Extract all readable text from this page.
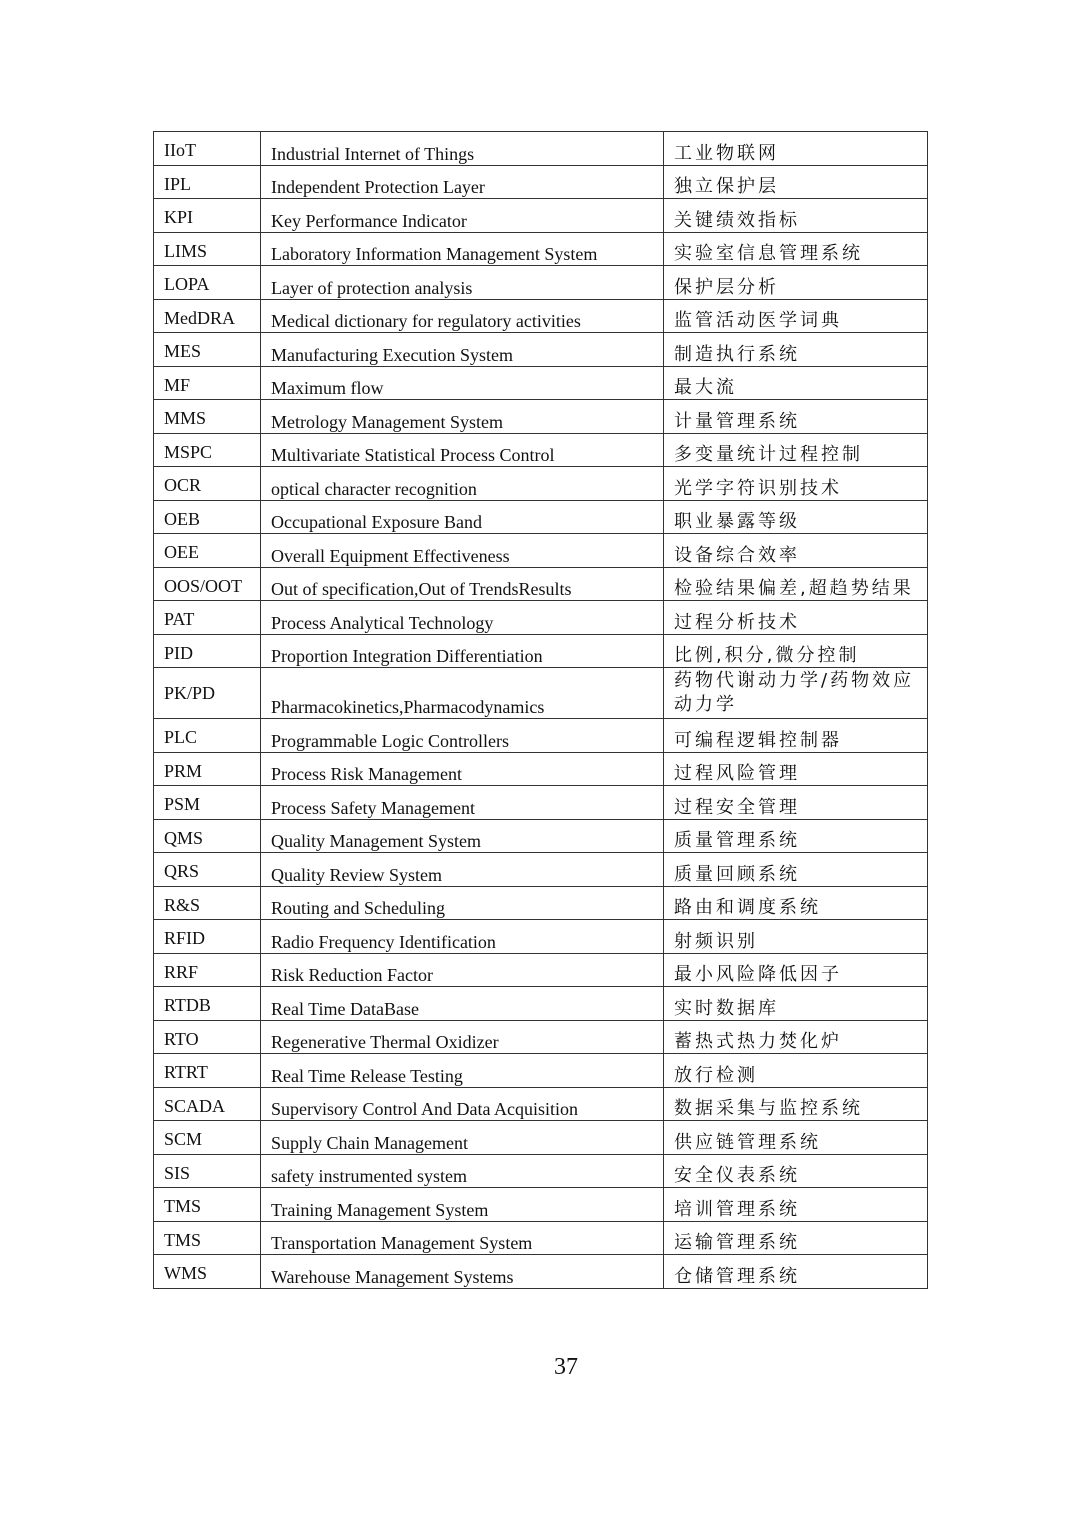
IIoT	Industrial Internet of Things	工业物联网
IPL	Independent Protection Layer	独立保护层
KPI	Key Performance Indicator	关键绩效指标
LIMS	Laboratory Information Management System	实验室信息管理系统
LOPA	Layer of protection analysis	保护层分析
MedDRA	Medical dictionary for regulatory activities	监管活动医学词典
MES	Manufacturing Execution System	制造执行系统
MF	Maximum flow	最大流
MMS	Metrology Management System	计量管理系统
MSPC	Multivariate Statistical Process Control	多变量统计过程控制
OCR	optical character recognition	光学字符识别技术
OEB	Occupational Exposure Band	职业暴露等级
OEE	Overall Equipment Effectiveness	设备综合效率
OOS/OOT	Out of specification,Out of TrendsResults	检验结果偏差,超趋势结果
PAT	Process Analytical Technology	过程分析技术
PID	Proportion Integration Differentiation	比例,积分,微分控制
PK/PD	Pharmacokinetics,Pharmacodynamics	药物代谢动力学/药物效应动力学
PLC	Programmable Logic Controllers	可编程逻辑控制器
PRM	Process Risk Management	过程风险管理
PSM	Process Safety Management	过程安全管理
QMS	Quality Management System	质量管理系统
QRS	Quality Review System	质量回顾系统
R&S	Routing and Scheduling	路由和调度系统
RFID	Radio Frequency Identification	射频识别
RRF	Risk Reduction Factor	最小风险降低因子
RTDB	Real Time DataBase	实时数据库
RTO	Regenerative Thermal Oxidizer	蓄热式热力焚化炉
RTRT	Real Time Release Testing	放行检测
SCADA	Supervisory Control And Data Acquisition	数据采集与监控系统
SCM	Supply Chain Management	供应链管理系统
SIS	safety instrumented system	安全仪表系统
TMS	Training Management System	培训管理系统
TMS	Transportation Management System	运输管理系统
WMS	Warehouse Management Systems	仓储管理系统
37
